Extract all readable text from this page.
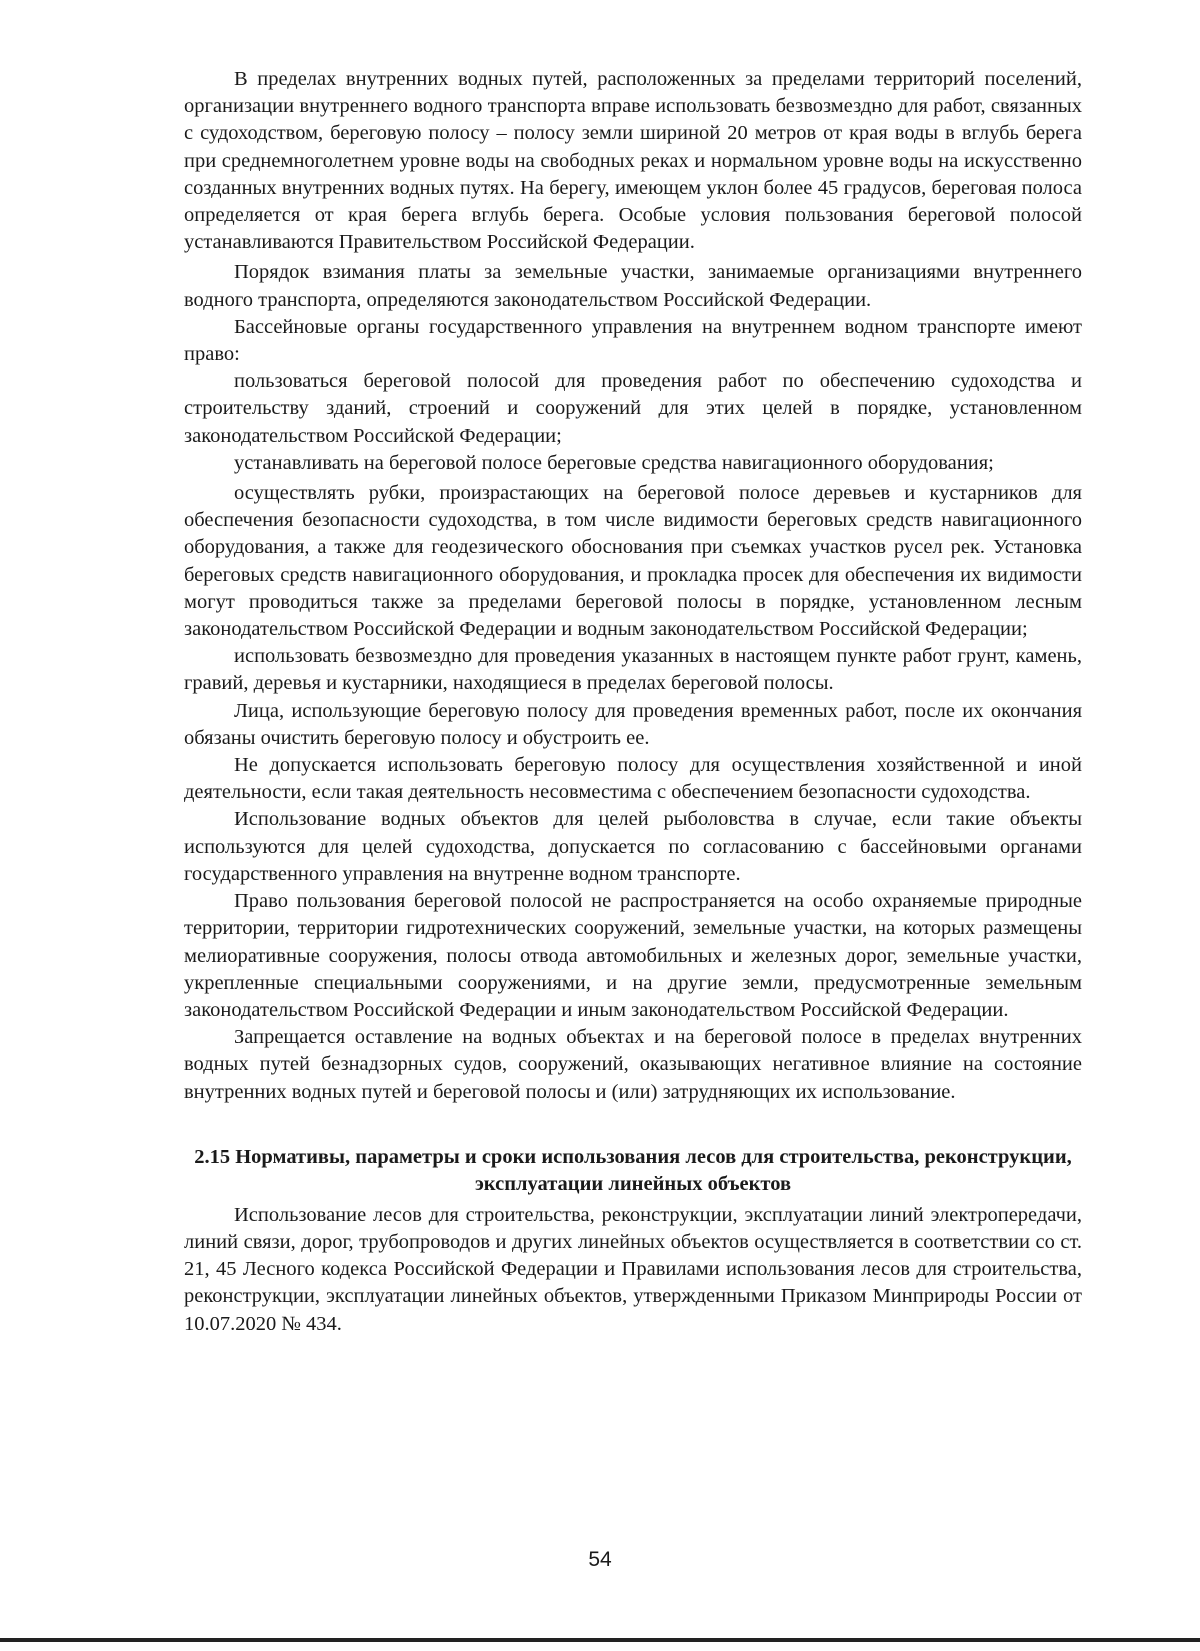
В пределах внутренних водных путей, расположенных за пределами территорий поселений, организации внутреннего водного транспорта вправе использовать безвозмездно для работ, связанных с судоходством, береговую полосу – полосу земли шириной 20 метров от края воды в вглубь берега при среднемноголетнем уровне воды на свободных реках и нормальном уровне воды на искусственно созданных внутренних водных путях. На берегу, имеющем уклон более 45 градусов, береговая полоса определяется от края берега вглубь берега. Особые условия пользования береговой полосой устанавливаются Правительством Российской Федерации.

Порядок взимания платы за земельные участки, занимаемые организациями внутреннего водного транспорта, определяются законодательством Российской Федерации.

Бассейновые органы государственного управления на внутреннем водном транспорте имеют право:

пользоваться береговой полосой для проведения работ по обеспечению судоходства и строительству зданий, строений и сооружений для этих целей в порядке, установленном законодательством Российской Федерации;

устанавливать на береговой полосе береговые средства навигационного оборудования;

осуществлять рубки, произрастающих на береговой полосе деревьев и кустарников для обеспечения безопасности судоходства, в том числе видимости береговых средств навигационного оборудования, а также для геодезического обоснования при съемках участков русел рек. Установка береговых средств навигационного оборудования, и прокладка просек для обеспечения их видимости могут проводиться также за пределами береговой полосы в порядке, установленном лесным законодательством Российской Федерации и водным законодательством Российской Федерации;

использовать безвозмездно для проведения указанных в настоящем пункте работ грунт, камень, гравий, деревья и кустарники, находящиеся в пределах береговой полосы.

Лица, использующие береговую полосу для проведения временных работ, после их окончания обязаны очистить береговую полосу и обустроить ее.

Не допускается использовать береговую полосу для осуществления хозяйственной и иной деятельности, если такая деятельность несовместима с обеспечением безопасности судоходства.

Использование водных объектов для целей рыболовства в случае, если такие объекты используются для целей судоходства, допускается по согласованию с бассейновыми органами государственного управления на внутренне водном транспорте.

Право пользования береговой полосой не распространяется на особо охраняемые природные территории, территории гидротехнических сооружений, земельные участки, на которых размещены мелиоративные сооружения, полосы отвода автомобильных и железных дорог, земельные участки, укрепленные специальными сооружениями, и на другие земли, предусмотренные земельным законодательством Российской Федерации и иным законодательством Российской Федерации.

Запрещается оставление на водных объектах и на береговой полосе в пределах внутренних водных путей безнадзорных судов, сооружений, оказывающих негативное влияние на состояние внутренних водных путей и береговой полосы и (или) затрудняющих их использование.

2.15 Нормативы, параметры и сроки использования лесов для строительства, реконструкции, эксплуатации линейных объектов

Использование лесов для строительства, реконструкции, эксплуатации линий электропередачи, линий связи, дорог, трубопроводов и других линейных объектов осуществляется в соответствии со ст. 21, 45 Лесного кодекса Российской Федерации и Правилами использования лесов для строительства, реконструкции, эксплуатации линейных объектов, утвержденными Приказом Минприроды России от 10.07.2020 № 434.

54
